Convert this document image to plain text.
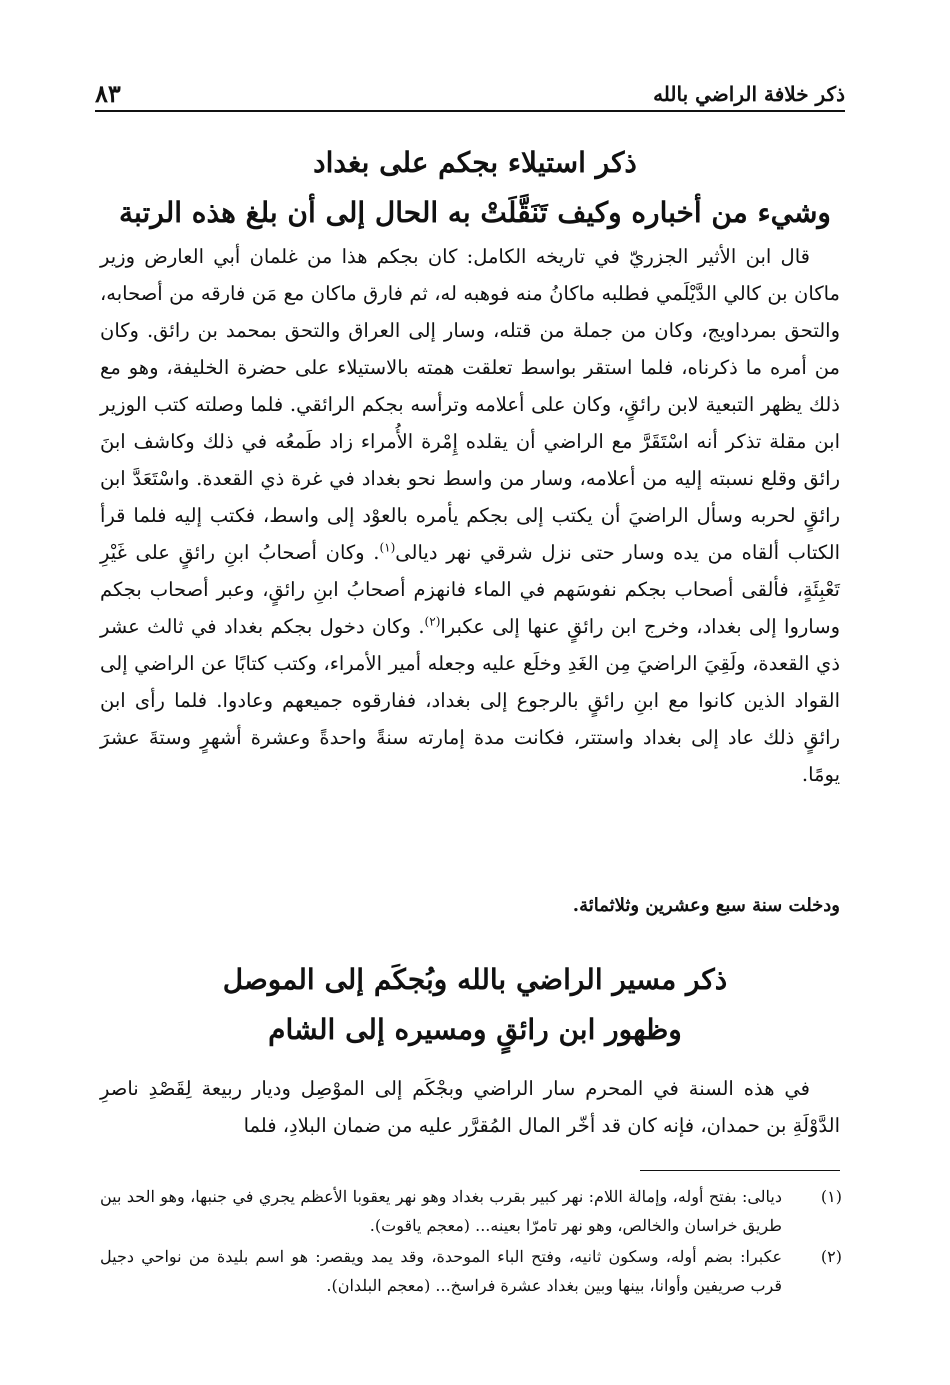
ذكر خلافة الراضي بالله
٨٣
ذكر استيلاء بجكم على بغداد
وشيء من أخباره وكيف تَنَقَّلَتْ به الحال إلى أن بلغ هذه الرتبة

قال ابن الأثير الجزريّ في تاريخه الكامل: كان بجكم هذا من غلمان أبي العارض وزير ماكان بن كالي الدَّيْلَمي فطلبه ماكانُ منه فوهبه له، ثم فارق ماكان مع مَن فارقه من أصحابه، والتحق بمرداويج، وكان من جملة من قتله، وسار إلى العراق والتحق بمحمد بن رائق. وكان من أمره ما ذكرناه، فلما استقر بواسط تعلقت همته بالاستيلاء على حضرة الخليفة، وهو مع ذلك يظهر التبعية لابن رائقٍ، وكان على أعلامه وترأسه بجكم الرائقي. فلما وصلته كتب الوزير ابن مقلة تذكر أنه اسْتَقَرَّ مع الراضي أن يقلده إِمْرة الأُمراء زاد طَمعُه في ذلك وكاشف ابنَ رائق وقلع نسبته إليه من أعلامه، وسار من واسط نحو بغداد في غرة ذي القعدة. واسْتَعَدَّ ابن رائقٍ لحربه وسأل الراضيَ أن يكتب إلى بجكم يأمره بالعوْد إلى واسط، فكتب إليه فلما قرأ الكتاب ألقاه من يده وسار حتى نزل شرقي نهر ديالى$^{(١)}$. وكان أصحابُ ابنِ رائقٍ على غَيْرِ تَعْبِئَةٍ، فألقى أصحاب بجكم نفوسَهم في الماء فانهزم أصحابُ ابنِ رائقٍ، وعبر أصحاب بجكم وساروا إلى بغداد، وخرج ابن رائقٍ عنها إلى عكبرا$^{(٢)}$. وكان دخول بجكم بغداد في ثالث عشر ذي القعدة، ولَقِيَ الراضيَ مِن الغَدِ وخلَع عليه وجعله أمير الأمراء، وكتب كتابًا عن الراضي إلى القواد الذين كانوا مع ابنِ رائقٍ بالرجوع إلى بغداد، ففارقوه جميعهم وعادوا. فلما رأى ابن رائقٍ ذلك عاد إلى بغداد واستتر، فكانت مدة إمارته سنةً واحدةً وعشرة أشهرٍ وستةَ عشرَ يومًا.

ودخلت سنة سبع وعشرين وثلاثمائة.
ذكر مسير الراضي بالله وبُجكَم إلى الموصل
وظهور ابن رائقٍ ومسيره إلى الشام

في هذه السنة في المحرم سار الراضي وبجْكَم إلى الموْصِل وديار ربيعة لِقَصْدِ ناصرِ الدَّوْلَةِ بن حمدان، فإنه كان قد أخّر المال المُقرَّر عليه من ضمان البلادِ، فلما

(١)
ديالى: بفتح أوله، وإمالة اللام: نهر كبير بقرب بغداد وهو نهر يعقوبا الأعظم يجري في جنبها، وهو الحد بين طريق خراسان والخالص، وهو نهر تامرّا بعينه... (معجم ياقوت).
(٢)
عكبرا: بضم أوله، وسكون ثانيه، وفتح الباء الموحدة، وقد يمد ويقصر: هو اسم بليدة من نواحي دجيل قرب صريفين وأوانا، بينها وبين بغداد عشرة فراسخ... (معجم البلدان).
